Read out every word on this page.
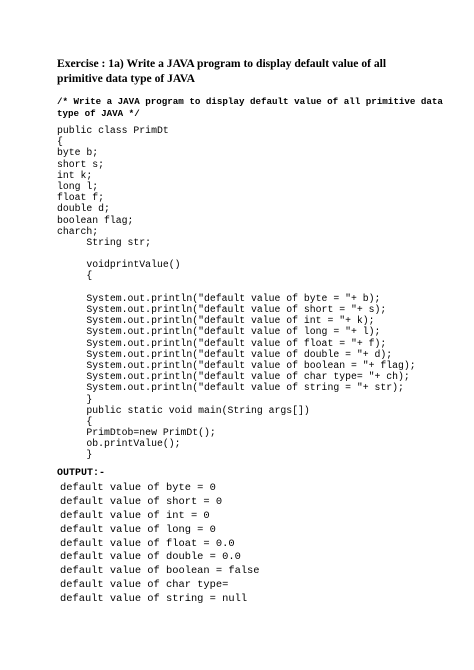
Exercise : 1a) Write a JAVA program to display default value of all primitive data type of JAVA
/* Write a JAVA program to display default value of all primitive data
type of JAVA */
public class PrimDt
{
byte b;
short s;
int k;
long l;
float f;
double d;
boolean flag;
charch;
String str;
voidprintValue()
{
System.out.println("default value of byte = "+ b);
System.out.println("default value of short = "+ s);
System.out.println("default value of int = "+ k);
System.out.println("default value of long = "+ l);
System.out.println("default value of float = "+ f);
System.out.println("default value of double = "+ d);
System.out.println("default value of boolean = "+ flag);
System.out.println("default value of char type= "+ ch);
System.out.println("default value of string = "+ str);
}
public static void main(String args[])
{
PrimDtob=new PrimDt();
ob.printValue();
}
OUTPUT:-
default value of byte = 0
default value of short = 0
default value of int = 0
default value of long = 0
default value of float = 0.0
default value of double = 0.0
default value of boolean = false
default value of char type=
default value of string = null
